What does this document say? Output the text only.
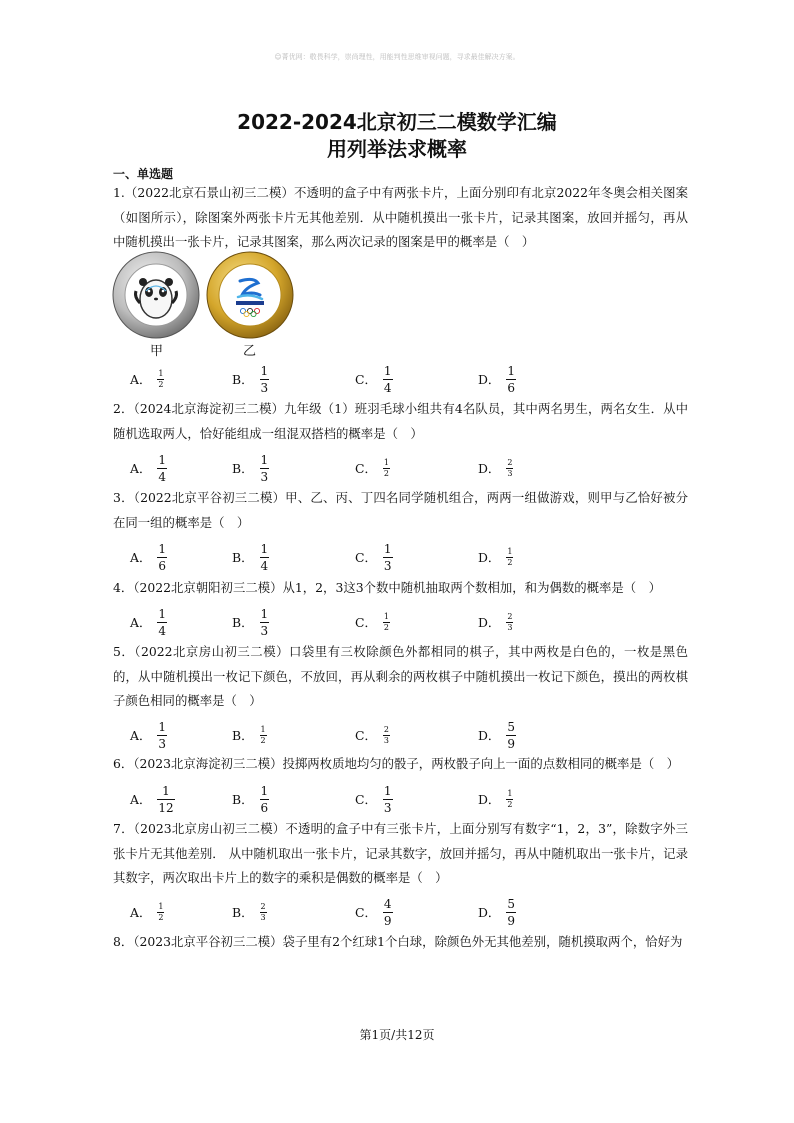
☺菁优网：敬畏科学，崇尚理性，用能判性思维审视问题，寻求最佳解决方案。
2022-2024北京初三二模数学汇编
用列举法求概率
一、单选题
1.（2022北京石景山初三二模）不透明的盒子中有两张卡片，上面分别印有北京2022年冬奥会相关图案（如图所示），除图案外两张卡片无其他差别．从中随机摸出一张卡片，记录其图案，放回并摇匀，再从中随机摸出一张卡片，记录其图案，那么两次记录的图案是甲的概率是（　）
甲	乙
A． $\frac{1}{2}$	B． $\frac{1}{3}$	C． $\frac{1}{4}$	D． $\frac{1}{6}$
2．（2024北京海淀初三二模）九年级（1）班羽毛球小组共有4名队员，其中两名男生，两名女生．从中随机选取两人，恰好能组成一组混双搭档的概率是（　）
A． $\frac{1}{4}$	B． $\frac{1}{3}$	C． $\frac{1}{2}$	D． $\frac{2}{3}$
3．（2022北京平谷初三二模）甲、乙、丙、丁四名同学随机组合，两两一组做游戏，则甲与乙恰好被分在同一组的概率是（　）
A． $\frac{1}{6}$	B． $\frac{1}{4}$	C． $\frac{1}{3}$	D． $\frac{1}{2}$
4．（2022北京朝阳初三二模）从1，2，3这3个数中随机抽取两个数相加，和为偶数的概率是（　）
A． $\frac{1}{4}$	B． $\frac{1}{3}$	C． $\frac{1}{2}$	D． $\frac{2}{3}$
5．（2022北京房山初三二模）口袋里有三枚除颜色外都相同的棋子，其中两枚是白色的，一枚是黑色的，从中随机摸出一枚记下颜色，不放回，再从剩余的两枚棋子中随机摸出一枚记下颜色，摸出的两枚棋子颜色相同的概率是（　）
A． $\frac{1}{3}$	B． $\frac{1}{2}$	C． $\frac{2}{3}$	D． $\frac{5}{9}$
6．（2023北京海淀初三二模）投掷两枚质地均匀的骰子，两枚骰子向上一面的点数相同的概率是（　）
A． $\frac{1}{12}$	B． $\frac{1}{6}$	C． $\frac{1}{3}$	D． $\frac{1}{2}$
7．（2023北京房山初三二模）不透明的盒子中有三张卡片，上面分别写有数字“1，2，3”，除数字外三张卡片无其他差别． 从中随机取出一张卡片，记录其数字，放回并摇匀，再从中随机取出一张卡片，记录其数字，两次取出卡片上的数字的乘积是偶数的概率是（　）
A． $\frac{1}{2}$	B． $\frac{2}{3}$	C． $\frac{4}{9}$	D． $\frac{5}{9}$
8．（2023北京平谷初三二模）袋子里有2个红球1个白球，除颜色外无其他差别，随机摸取两个，恰好为
第1页/共12页
